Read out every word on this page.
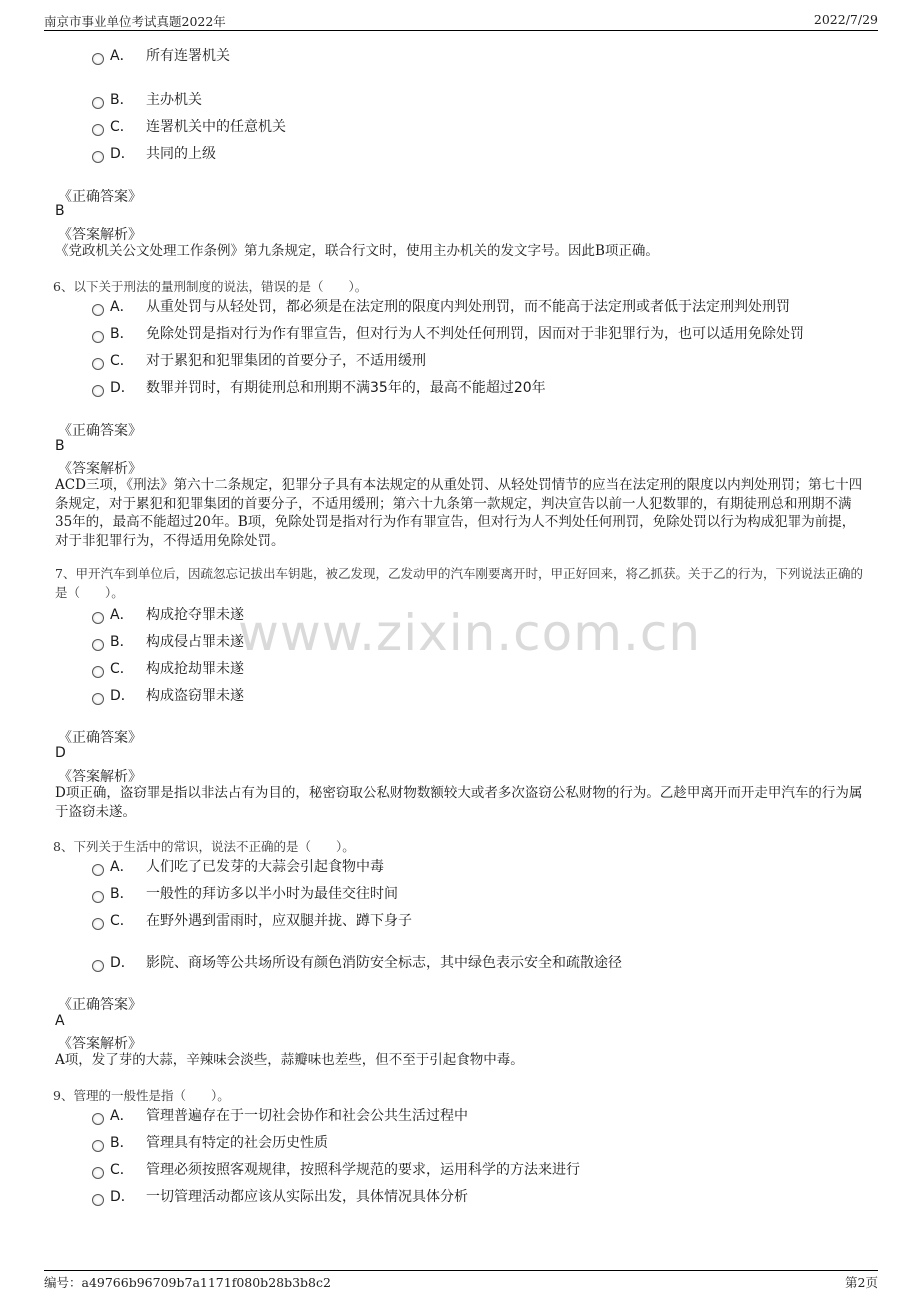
南京市事业单位考试真题2022年	2022/7/29
www.zixin.com.cn
A． 所有连署机关
B． 主办机关
C． 连署机关中的任意机关
D． 共同的上级
《正确答案》
B
《答案解析》
《党政机关公文处理工作条例》第九条规定，联合行文时，使用主办机关的发文字号。因此B项正确。
6、以下关于刑法的量刑制度的说法，错误的是（　　）。
A． 从重处罚与从轻处罚，都必须是在法定刑的限度内判处刑罚，而不能高于法定刑或者低于法定刑判处刑罚
B． 免除处罚是指对行为作有罪宣告，但对行为人不判处任何刑罚，因而对于非犯罪行为，也可以适用免除处罚
C． 对于累犯和犯罪集团的首要分子，不适用缓刑
D． 数罪并罚时，有期徒刑总和刑期不满35年的，最高不能超过20年
《正确答案》
B
《答案解析》
ACD三项，《刑法》第六十二条规定，犯罪分子具有本法规定的从重处罚、从轻处罚情节的应当在法定刑的限度以内判处刑罚；第七十四条规定，对于累犯和犯罪集团的首要分子，不适用缓刑；第六十九条第一款规定，判决宣告以前一人犯数罪的，有期徒刑总和刑期不满35年的，最高不能超过20年。B项，免除处罚是指对行为作有罪宣告，但对行为人不判处任何刑罚，免除处罚以行为构成犯罪为前提，对于非犯罪行为，不得适用免除处罚。
7、甲开汽车到单位后，因疏忽忘记拔出车钥匙，被乙发现，乙发动甲的汽车刚要离开时，甲正好回来，将乙抓获。关于乙的行为，下列说法正确的是（　　）。
A． 构成抢夺罪未遂
B． 构成侵占罪未遂
C． 构成抢劫罪未遂
D． 构成盗窃罪未遂
《正确答案》
D
《答案解析》
D项正确，盗窃罪是指以非法占有为目的，秘密窃取公私财物数额较大或者多次盗窃公私财物的行为。乙趁甲离开而开走甲汽车的行为属于盗窃未遂。
8、下列关于生活中的常识，说法不正确的是（　　）。
A． 人们吃了已发芽的大蒜会引起食物中毒
B． 一般性的拜访多以半小时为最佳交往时间
C． 在野外遇到雷雨时，应双腿并拢、蹲下身子
D． 影院、商场等公共场所设有颜色消防安全标志，其中绿色表示安全和疏散途径
《正确答案》
A
《答案解析》
A项，发了芽的大蒜，辛辣味会淡些，蒜瓣味也差些，但不至于引起食物中毒。
9、管理的一般性是指（　　）。
A． 管理普遍存在于一切社会协作和社会公共生活过程中
B． 管理具有特定的社会历史性质
C． 管理必须按照客观规律，按照科学规范的要求，运用科学的方法来进行
D． 一切管理活动都应该从实际出发，具体情况具体分析
编号：a49766b96709b7a1171f080b28b3b8c2	第2页
